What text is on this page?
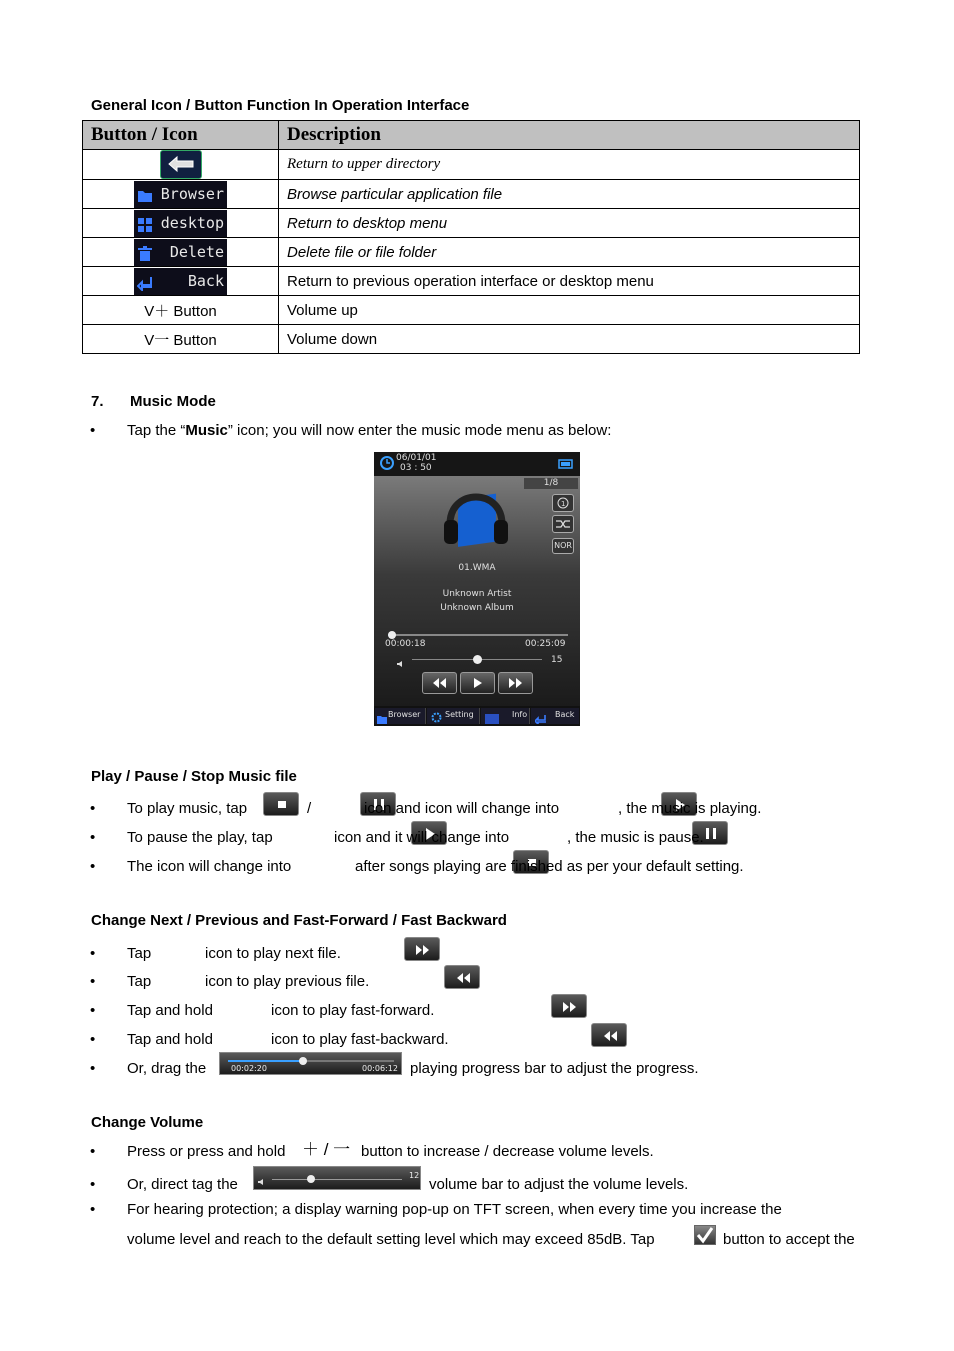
General Icon / Button Function In Operation Interface
Button / Icon	Description
	Return to upper directory

Browser	Browse particular application file

desktop	Return to desktop menu

Delete	Delete file or file folder

Back	Return to previous operation interface or desktop menu
V＋ Button	Volume up
V一 Button	Volume down
7. Music Mode
• Tap the “Music” icon; you will now enter the music mode menu as below:
06/01/01
03 : 50
1/8
1
NOR
01.WMA
Unknown Artist
Unknown Album
00:00:18	00:25:09
15
Browser	Setting	Info	Back
Play / Pause / Stop Music file
• To play music, tap
	/
	icon and icon will change into
	, the music is playing.
• To pause the play, tap
	icon and it will change into
	, the music is pause.
• The icon will change into
	after songs playing are finished as per your default setting.
Change Next / Previous and Fast-Forward / Fast Backward
• Tap
	icon to play next file.
• Tap
	icon to play previous file.
• Tap and hold
	icon to play fast-forward.
• Tap and hold	icon to play fast-backward.
• Or, drag the	00:02:20	00:06:12 playing progress bar to adjust the progress.
Change Volume
• Press or press and hold ＋ / 一 button to increase / decrease volume levels.
• Or, direct tag the
12
volume bar to adjust the volume levels.
• For hearing protection; a display warning pop-up on TFT screen, when every time you increase the
volume level and reach to the default setting level which may exceed 85dB. Tap	button to accept the
